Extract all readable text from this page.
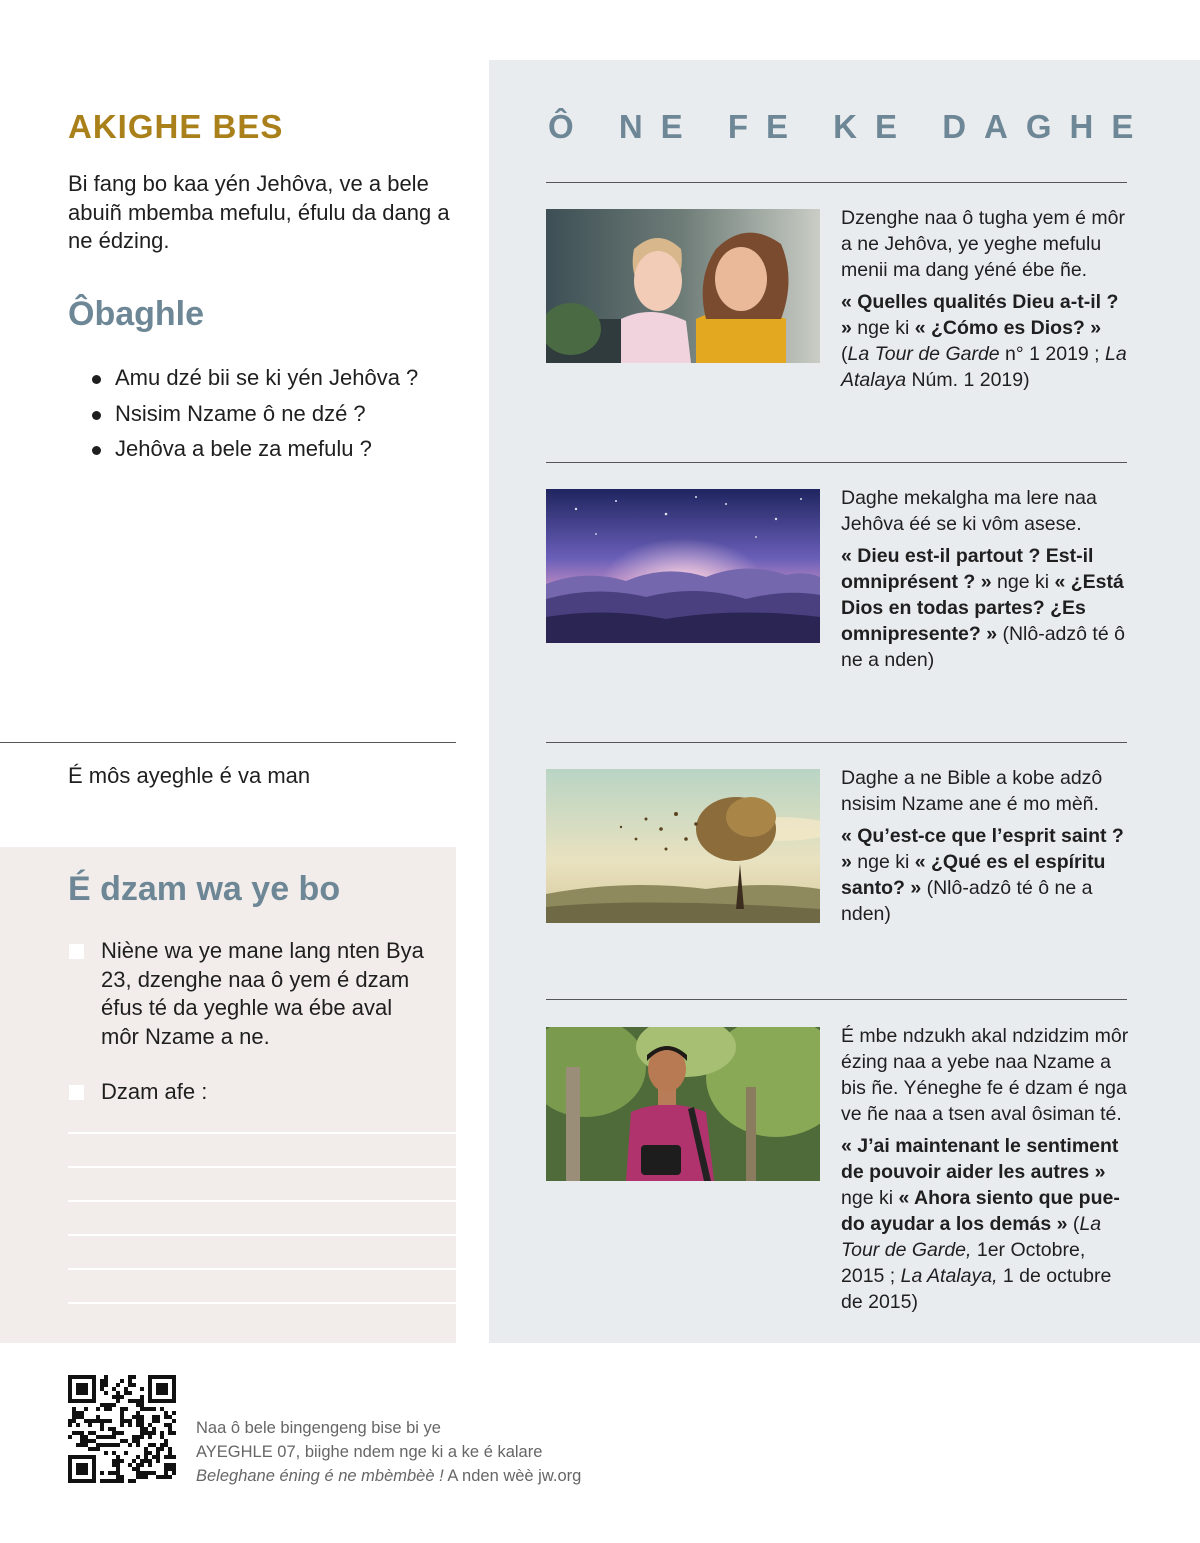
AKIGHE BES
Bi fang bo kaa yén Jehôva, ve a bele abuiñ mbemba mefulu, éfulu da dang a ne édzing.
Ôbaghle
Amu dzé bii se ki yén Jehôva ?
Nsisim Nzame ô ne dzé ?
Jehôva a bele za mefulu ?
É môs ayeghle é va man
É dzam wa ye bo
Niène wa ye mane lang nten Bya 23, dzenghe naa ô yem é dzam éfus té da yeghle wa ébe aval môr Nzame a ne.
Dzam afe :
Ô NE FE KE DAGHE

Dzenghe naa ô tugha yem é môr a ne Jehôva, ye yeghe mefulu menii ma dang yéné ébe ñe.

« Quelles qualités Dieu a-t-il ? » nge ki « ¿Cómo es Dios? » (La Tour de Garde n° 1 2019 ; La Atalaya Núm. 1 2019)

Daghe mekalgha ma lere naa Jehôva éé se ki vôm asese.

« Dieu est-il partout ? Est-il omniprésent ? » nge ki « ¿Está Dios en todas partes? ¿Es omnipresente? » (Nlô-adzô té ô ne a nden)

Daghe a ne Bible a kobe adzô nsisim Nzame ane é mo mèñ.

« Qu’est-ce que l’esprit saint ? » nge ki « ¿Qué es el espíritu santo? » (Nlô-adzô té ô ne a nden)

É mbe ndzukh akal ndzidzim môr ézing naa a yebe naa Nzame a bis ñe. Yéneghe fe é dzam é nga ve ñe naa a tsen aval ôsiman té.

« J’ai maintenant le sentiment de pouvoir aider les autres » nge ki « Ahora siento que puedo ayudar a los demás » (La Tour de Garde, 1er Octobre, 2015 ; La Atalaya, 1 de octubre de 2015)

Naa ô bele bingengeng bise bi ye
AYEGHLE 07, biighe ndem nge ki a ke é kalare
Beleghane éning é ne mbèmbèè ! A nden wèè jw.org
